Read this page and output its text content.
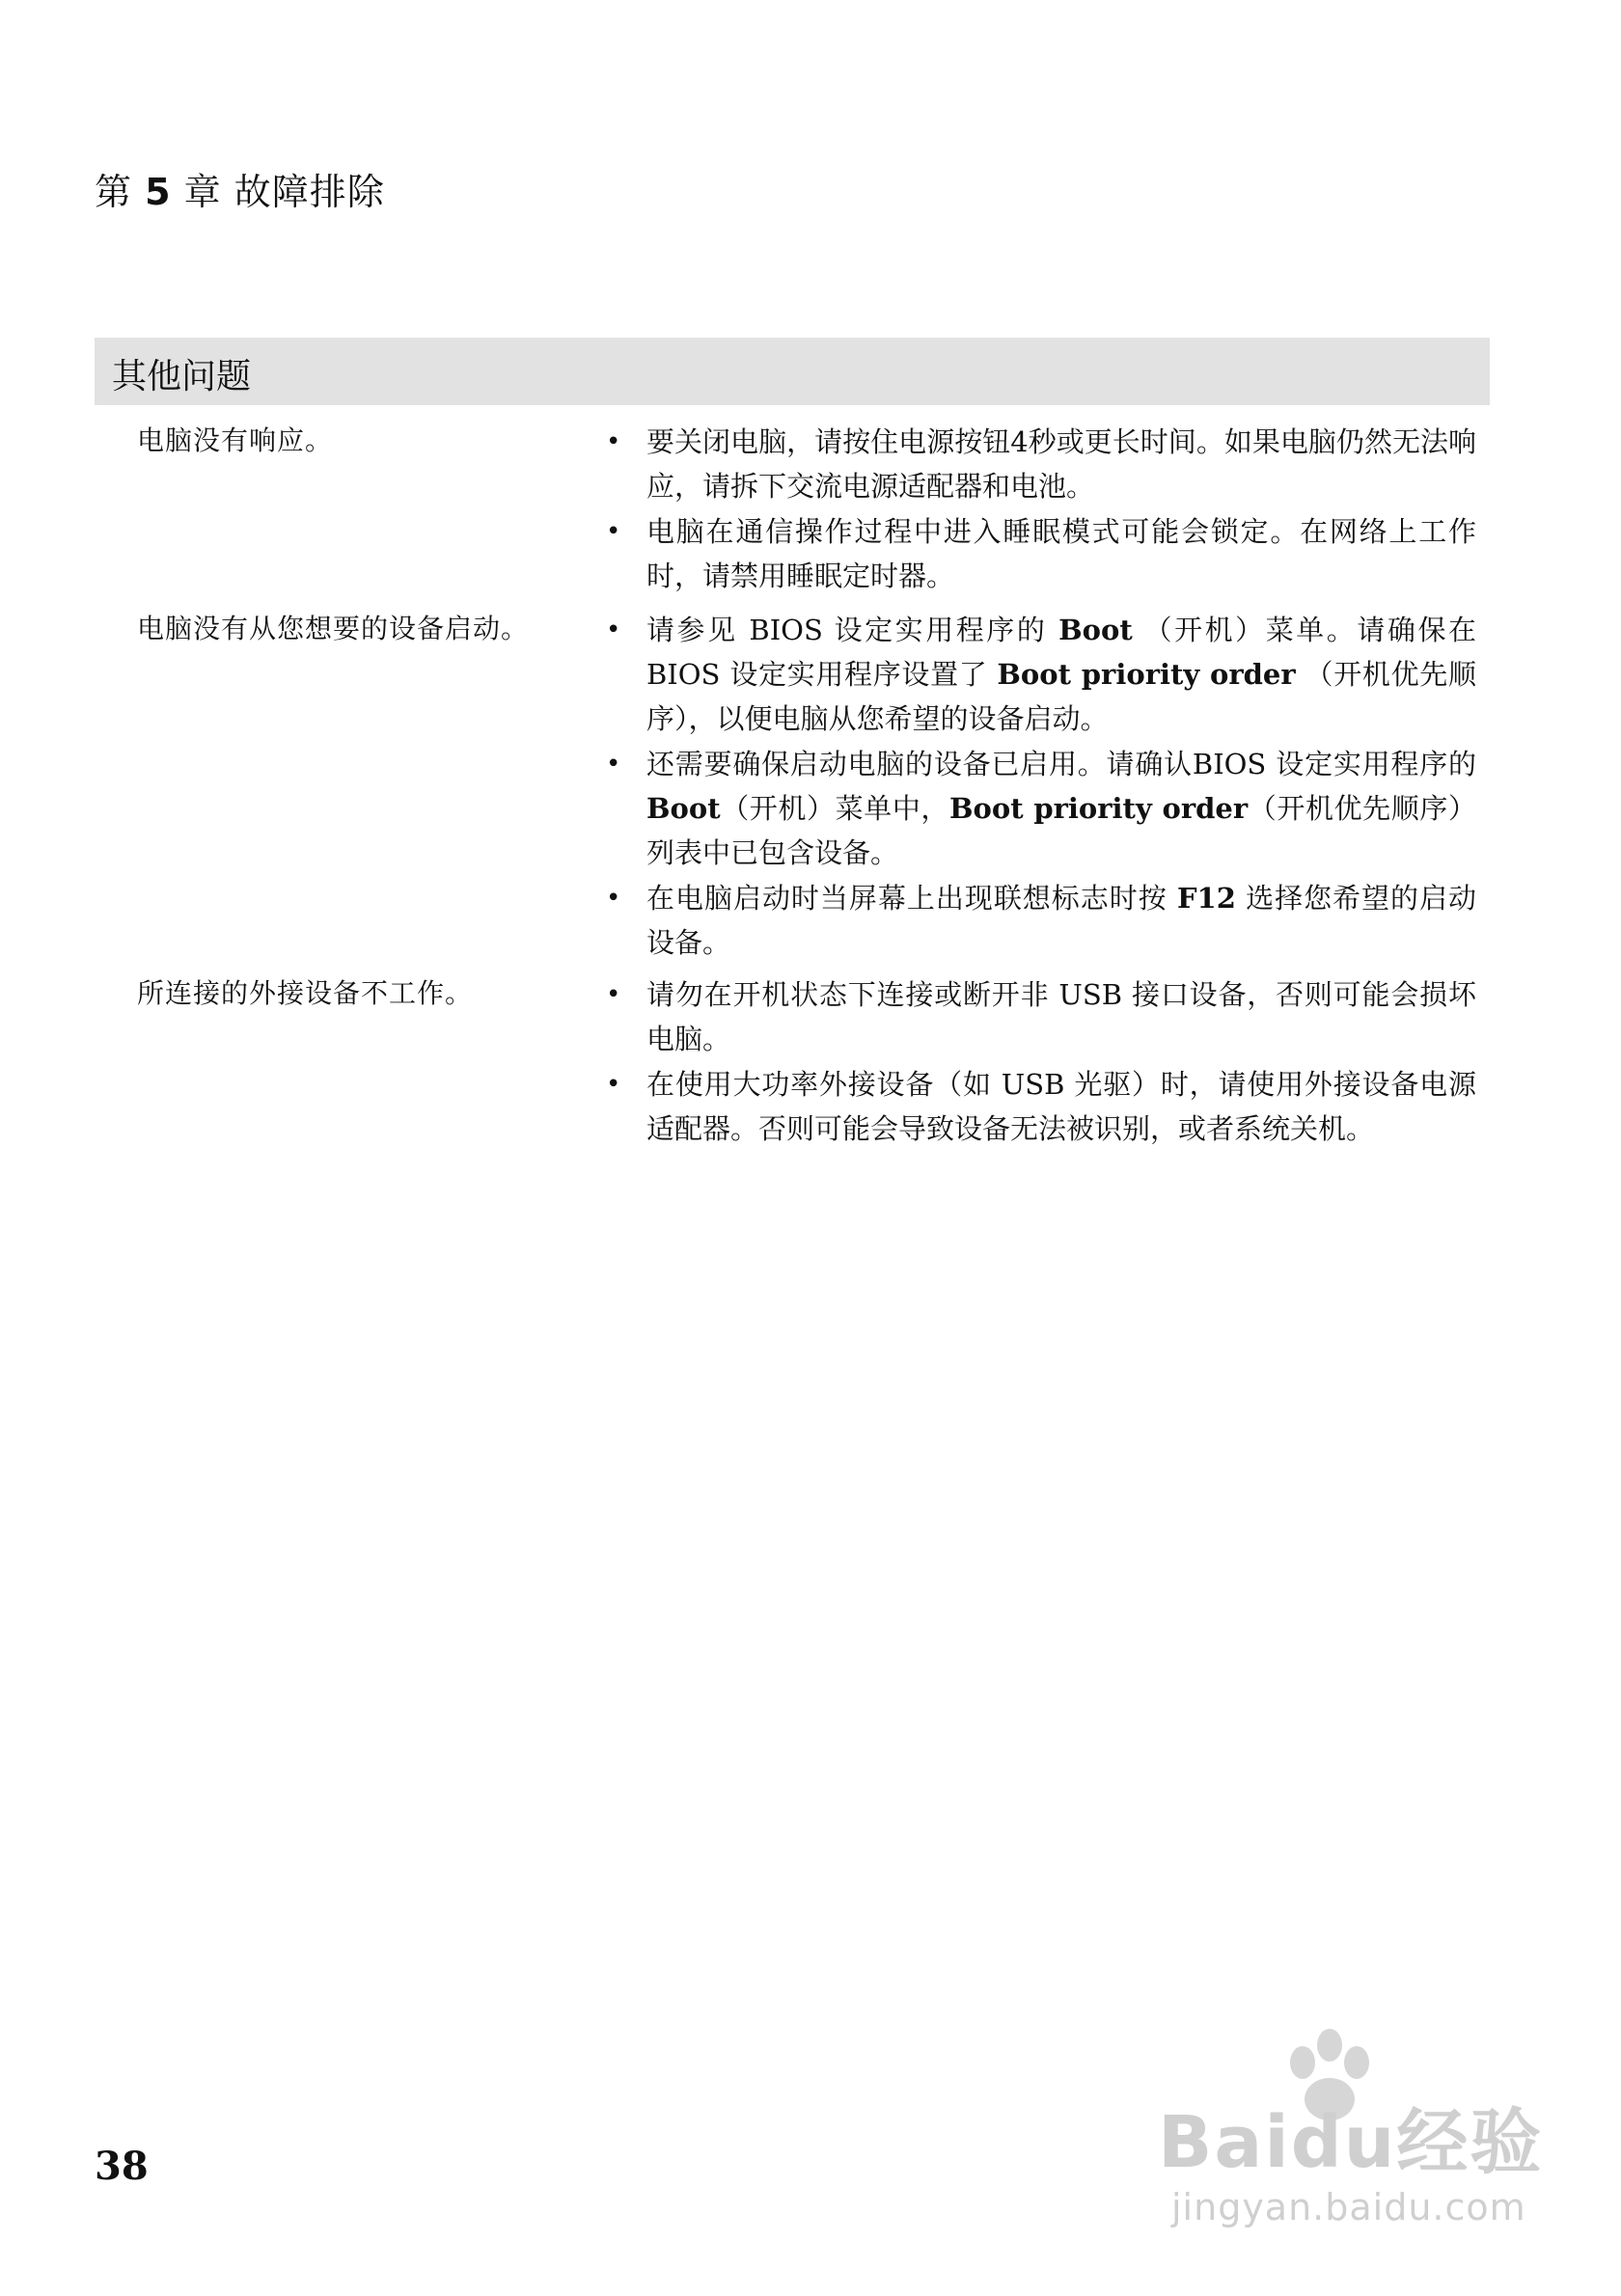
第 5 章 故障排除
其他问题
电脑没有响应。	• 要关闭电脑，请按住电源按钮4秒或更长时间。如果电脑仍然无法响应，请拆下交流电源适配器和电池。
• 电脑在通信操作过程中进入睡眠模式可能会锁定。在网络上工作时，请禁用睡眠定时器。
电脑没有从您想要的设备启动。	• 请参见 BIOS 设定实用程序的 Boot （开机）菜单。请确保在 BIOS 设定实用程序设置了 Boot priority order （开机优先顺序），以便电脑从您希望的设备启动。
• 还需要确保启动电脑的设备已启用。请确认BIOS 设定实用程序的 Boot（开机）菜单中，Boot priority order（开机优先顺序）列表中已包含设备。
• 在电脑启动时当屏幕上出现联想标志时按 F12 选择您希望的启动设备。
所连接的外接设备不工作。	• 请勿在开机状态下连接或断开非 USB 接口设备，否则可能会损坏电脑。
• 在使用大功率外接设备（如 USB 光驱）时，请使用外接设备电源适配器。否则可能会导致设备无法被识别，或者系统关机。
38	Baidu经验
jingyan.baidu.com
